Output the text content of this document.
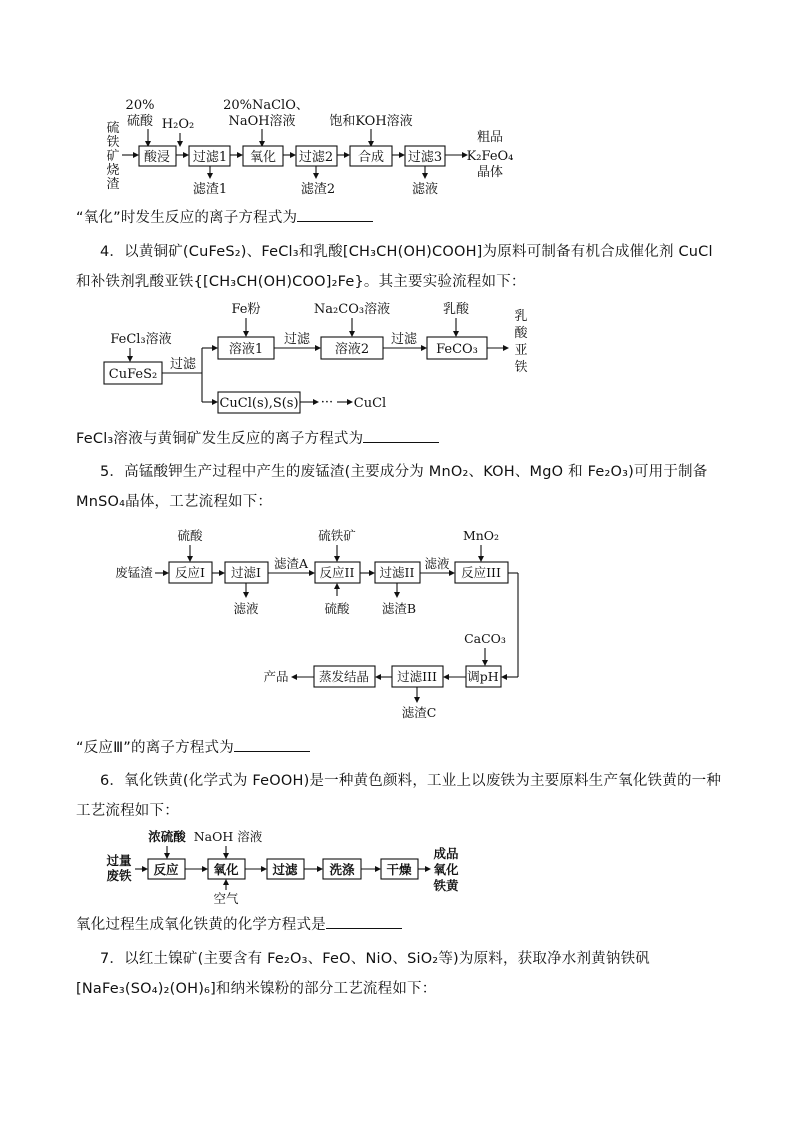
硫
铁
矿
烧
渣
20%
硫酸 H₂O₂
20%NaClO、
NaOH溶液	饱和KOH溶液
酸浸 过滤1 氧化 过滤2 合成 过滤3
滤渣1	滤渣2	滤液
粗品
K₂FeO₄
晶体
“氧化”时发生反应的离子方程式为
4．以黄铜矿(CuFeS₂)、FeCl₃和乳酸[CH₃CH(OH)COOH]为原料可制备有机合成催化剂 CuCl 和补铁剂乳酸亚铁{[CH₃CH(OH)COO]₂Fe}。其主要实验流程如下：
FeCl₃溶液
CuFeS₂
过滤
Fe粉
溶液1
过滤
Na₂CO₃溶液
溶液2
过滤
乳酸
FeCO₃
乳
酸
亚
铁
CuCl(s),S(s) ··· CuCl
FeCl₃溶液与黄铜矿发生反应的离子方程式为
5．高锰酸钾生产过程中产生的废锰渣(主要成分为 MnO₂、KOH、MgO 和 Fe₂O₃)可用于制备 MnSO₄晶体，工艺流程如下：
硫酸	硫铁矿	MnO₂
废锰渣 反应I 过滤I
滤渣A
反应II 过滤II
滤液
反应III
滤液	硫酸	滤渣B
CaCO₃
调pH
过滤III
蒸发结晶
产品
滤渣C
“反应Ⅲ”的离子方程式为
6．氧化铁黄(化学式为 FeOOH)是一种黄色颜料，工业上以废铁为主要原料生产氧化铁黄的一种工艺流程如下：
浓硫酸 NaOH 溶液
过量
废铁 反应	氧化	过滤	洗涤	干燥
成品
氧化
铁黄
空气
氧化过程生成氧化铁黄的化学方程式是
7．以红土镍矿(主要含有 Fe₂O₃、FeO、NiO、SiO₂等)为原料，获取净水剂黄钠铁矾[NaFe₃(SO₄)₂(OH)₆]和纳米镍粉的部分工艺流程如下：
